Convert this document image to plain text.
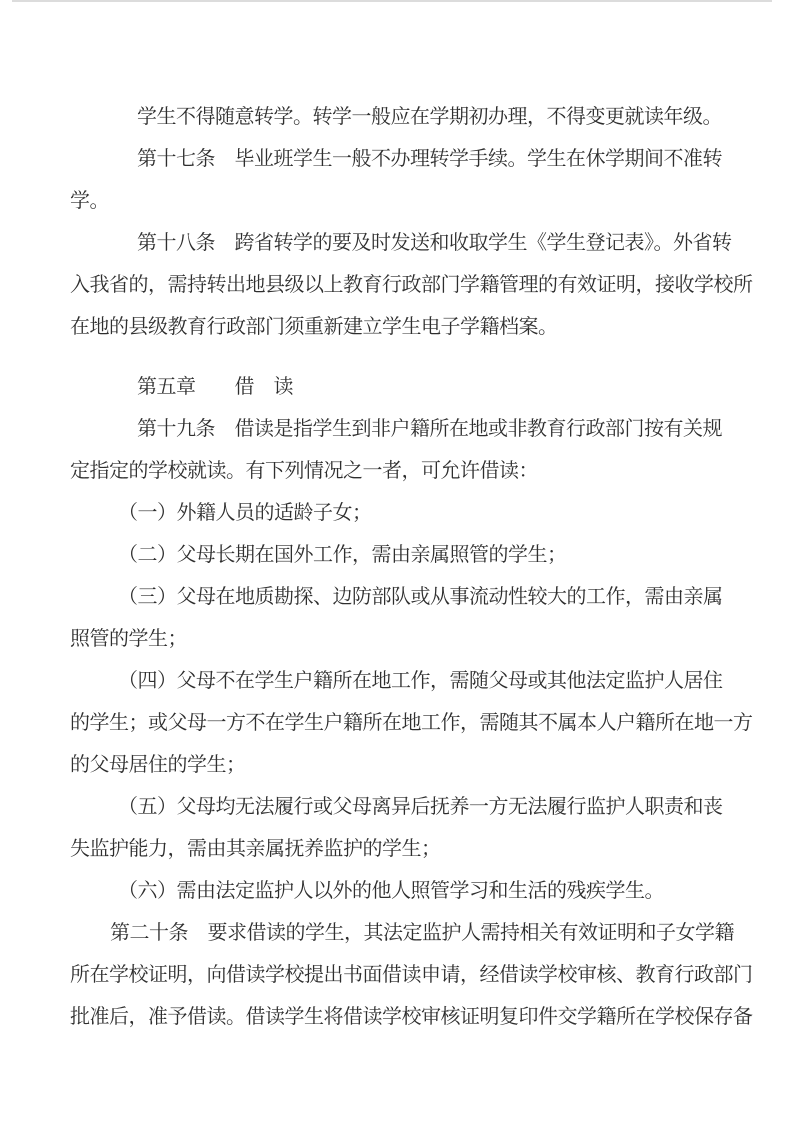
学生不得随意转学。转学一般应在学期初办理，不得变更就读年级。
第十七条　毕业班学生一般不办理转学手续。学生在休学期间不准转
学。
第十八条　跨省转学的要及时发送和收取学生《学生登记表》。外省转
入我省的，需持转出地县级以上教育行政部门学籍管理的有效证明，接收学校所
在地的县级教育行政部门须重新建立学生电子学籍档案。
第五章　　借　读
第十九条　借读是指学生到非户籍所在地或非教育行政部门按有关规
定指定的学校就读。有下列情况之一者，可允许借读：
（一）外籍人员的适龄子女；
（二）父母长期在国外工作，需由亲属照管的学生；
（三）父母在地质勘探、边防部队或从事流动性较大的工作，需由亲属
照管的学生；
（四）父母不在学生户籍所在地工作，需随父母或其他法定监护人居住
的学生；或父母一方不在学生户籍所在地工作，需随其不属本人户籍所在地一方
的父母居住的学生；
（五）父母均无法履行或父母离异后抚养一方无法履行监护人职责和丧
失监护能力，需由其亲属抚养监护的学生；
（六）需由法定监护人以外的他人照管学习和生活的残疾学生。
第二十条　要求借读的学生，其法定监护人需持相关有效证明和子女学籍
所在学校证明，向借读学校提出书面借读申请，经借读学校审核、教育行政部门
批准后，准予借读。借读学生将借读学校审核证明复印件交学籍所在学校保存备
